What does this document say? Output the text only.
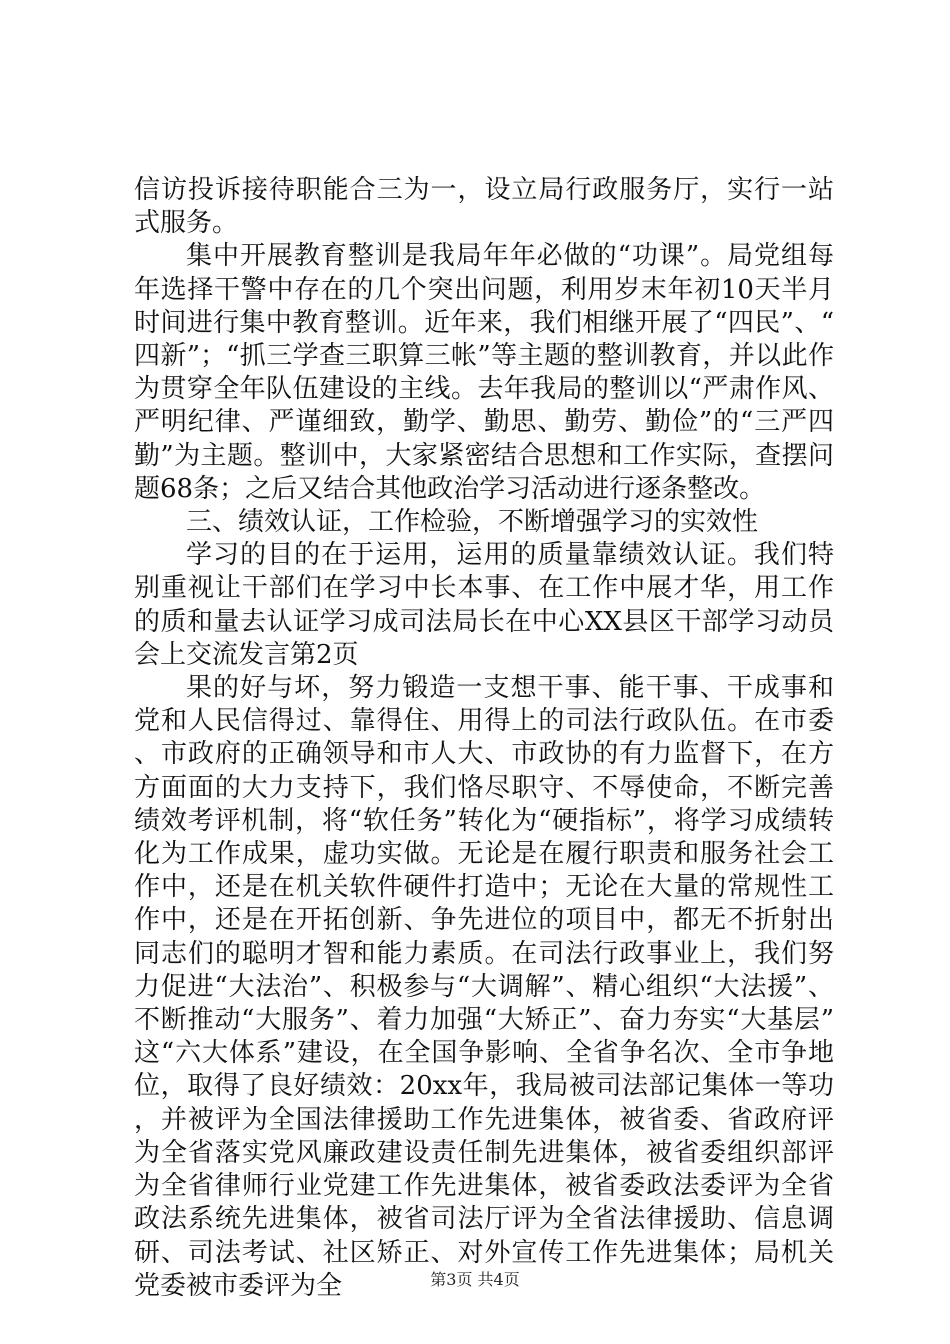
信访投诉接待职能合三为一，设立局行政服务厅，实行一站式服务。

集中开展教育整训是我局年年必做的“功课”。局党组每年选择干警中存在的几个突出问题，利用岁末年初10天半月时间进行集中教育整训。近年来，我们相继开展了“四民”、“四新”；“抓三学查三职算三帐”等主题的整训教育，并以此作为贯穿全年队伍建设的主线。去年我局的整训以“严肃作风、严明纪律、严谨细致，勤学、勤思、勤劳、勤俭”的“三严四勤”为主题。整训中，大家紧密结合思想和工作实际，查摆问题68条；之后又结合其他政治学习活动进行逐条整改。

三、绩效认证，工作检验，不断增强学习的实效性

学习的目的在于运用，运用的质量靠绩效认证。我们特别重视让干部们在学习中长本事、在工作中展才华，用工作的质和量去认证学习成司法局长在中心XX县区干部学习动员会上交流发言第2页

果的好与坏，努力锻造一支想干事、能干事、干成事和党和人民信得过、靠得住、用得上的司法行政队伍。在市委、市政府的正确领导和市人大、市政协的有力监督下，在方方面面的大力支持下，我们恪尽职守、不辱使命，不断完善绩效考评机制，将“软任务”转化为“硬指标”，将学习成绩转化为工作成果，虚功实做。无论是在履行职责和服务社会工作中，还是在机关软件硬件打造中；无论在大量的常规性工作中，还是在开拓创新、争先进位的项目中，都无不折射出同志们的聪明才智和能力素质。在司法行政事业上，我们努力促进“大法治”、积极参与“大调解”、精心组织“大法援”、不断推动“大服务”、着力加强“大矫正”、奋力夯实“大基层”这“六大体系”建设，在全国争影响、全省争名次、全市争地位，取得了良好绩效：20xx年，我局被司法部记集体一等功，并被评为全国法律援助工作先进集体，被省委、省政府评为全省落实党风廉政建设责任制先进集体，被省委组织部评为全省律师行业党建工作先进集体，被省委政法委评为全省政法系统先进集体，被省司法厅评为全省法律援助、信息调研、司法考试、社区矫正、对外宣传工作先进集体；局机关党委被市委评为全	第3页 共4页
